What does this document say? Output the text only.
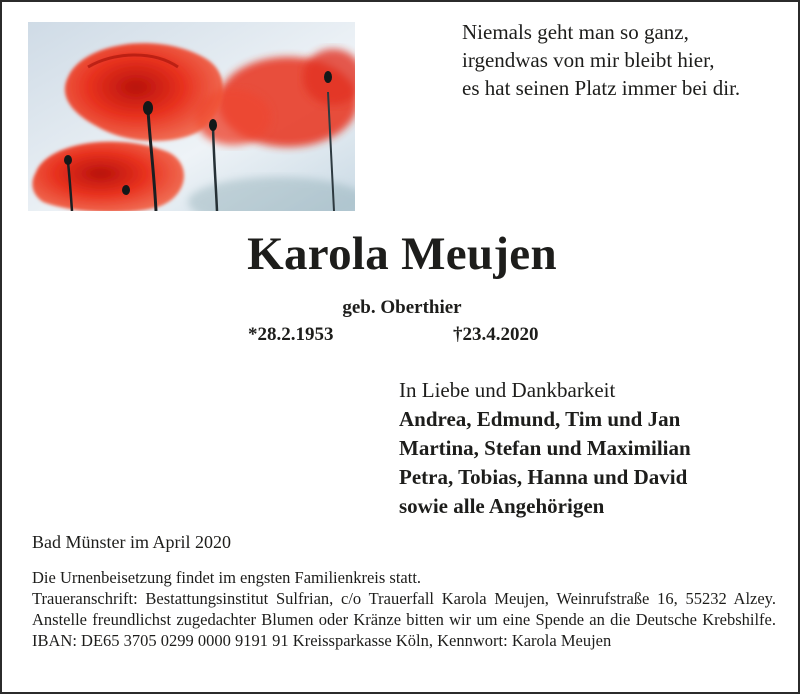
Niemals geht man so ganz,
irgendwas von mir bleibt hier,
es hat seinen Platz immer bei dir.
Karola Meujen
geb. Oberthier
*28.2.1953	†23.4.2020
In Liebe und Dankbarkeit
Andrea, Edmund, Tim und Jan
Martina, Stefan und Maximilian
Petra, Tobias, Hanna und David
sowie alle Angehörigen
Bad Münster im April 2020
Die Urnenbeisetzung findet im engsten Familienkreis statt.
Traueranschrift: Bestattungsinstitut Sulfrian, c/o Trauerfall Karola Meujen, Weinrufstraße 16, 55232 Alzey. Anstelle freundlichst zugedachter Blumen oder Kränze bitten wir um eine Spende an die Deutsche Krebshilfe. IBAN: DE65 3705 0299 0000 9191 91 Kreissparkasse Köln, Kennwort: Karola Meujen
